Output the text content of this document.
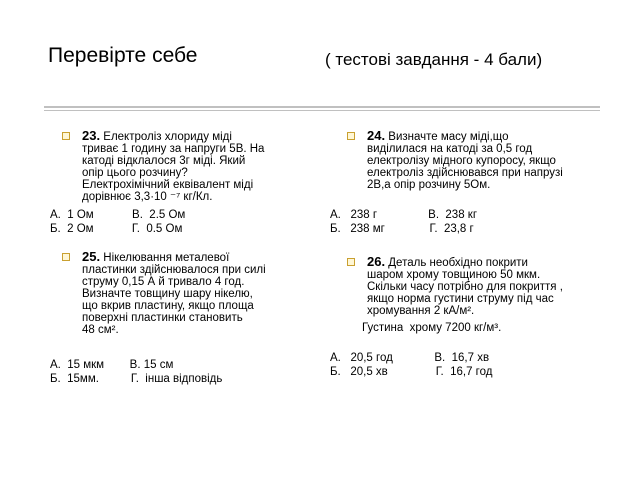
Перевірте себе	( тестові завдання - 4 бали)
23. Електроліз хлориду міді
триває 1 годину за напруги 5В. На
катоді відклалося 3г міді. Який
опір цього розчину?
Електрохімічний еквівалент міді
дорівнює 3,3·10 ⁻⁷ кг/Кл.
А.  1 Ом            В.  2.5 Ом
Б.  2 Ом            Г.  0.5 Ом
24. Визначте масу міді,що
виділилася на катоді за 0,5 год
електролізу мідного купоросу, якщо
електроліз здійснювався при напрузі
2В,а опір розчину 5Ом.
А.   238 г                В.  238 кг
Б.   238 мг              Г.  23,8 г
25. Нікелювання металевої
пластинки здійснювалося при силі
струму 0,15 А й тривало 4 год.
Визначте товщину шару нікелю,
що вкрив пластину, якщо площа
поверхні пластинки становить
48 см².
А.  15 мкм        В. 15 см
Б.  15мм.          Г.  інша відповідь
26. Деталь необхідно покрити
шаром хрому товщиною 50 мкм.
Скільки часу потрібно для покриття ,
якщо норма густини струму під час
хромування 2 кА/м².
Густина  хрому 7200 кг/м³.
А.   20,5 год             В.  16,7 хв
Б.   20,5 хв               Г.  16,7 год
